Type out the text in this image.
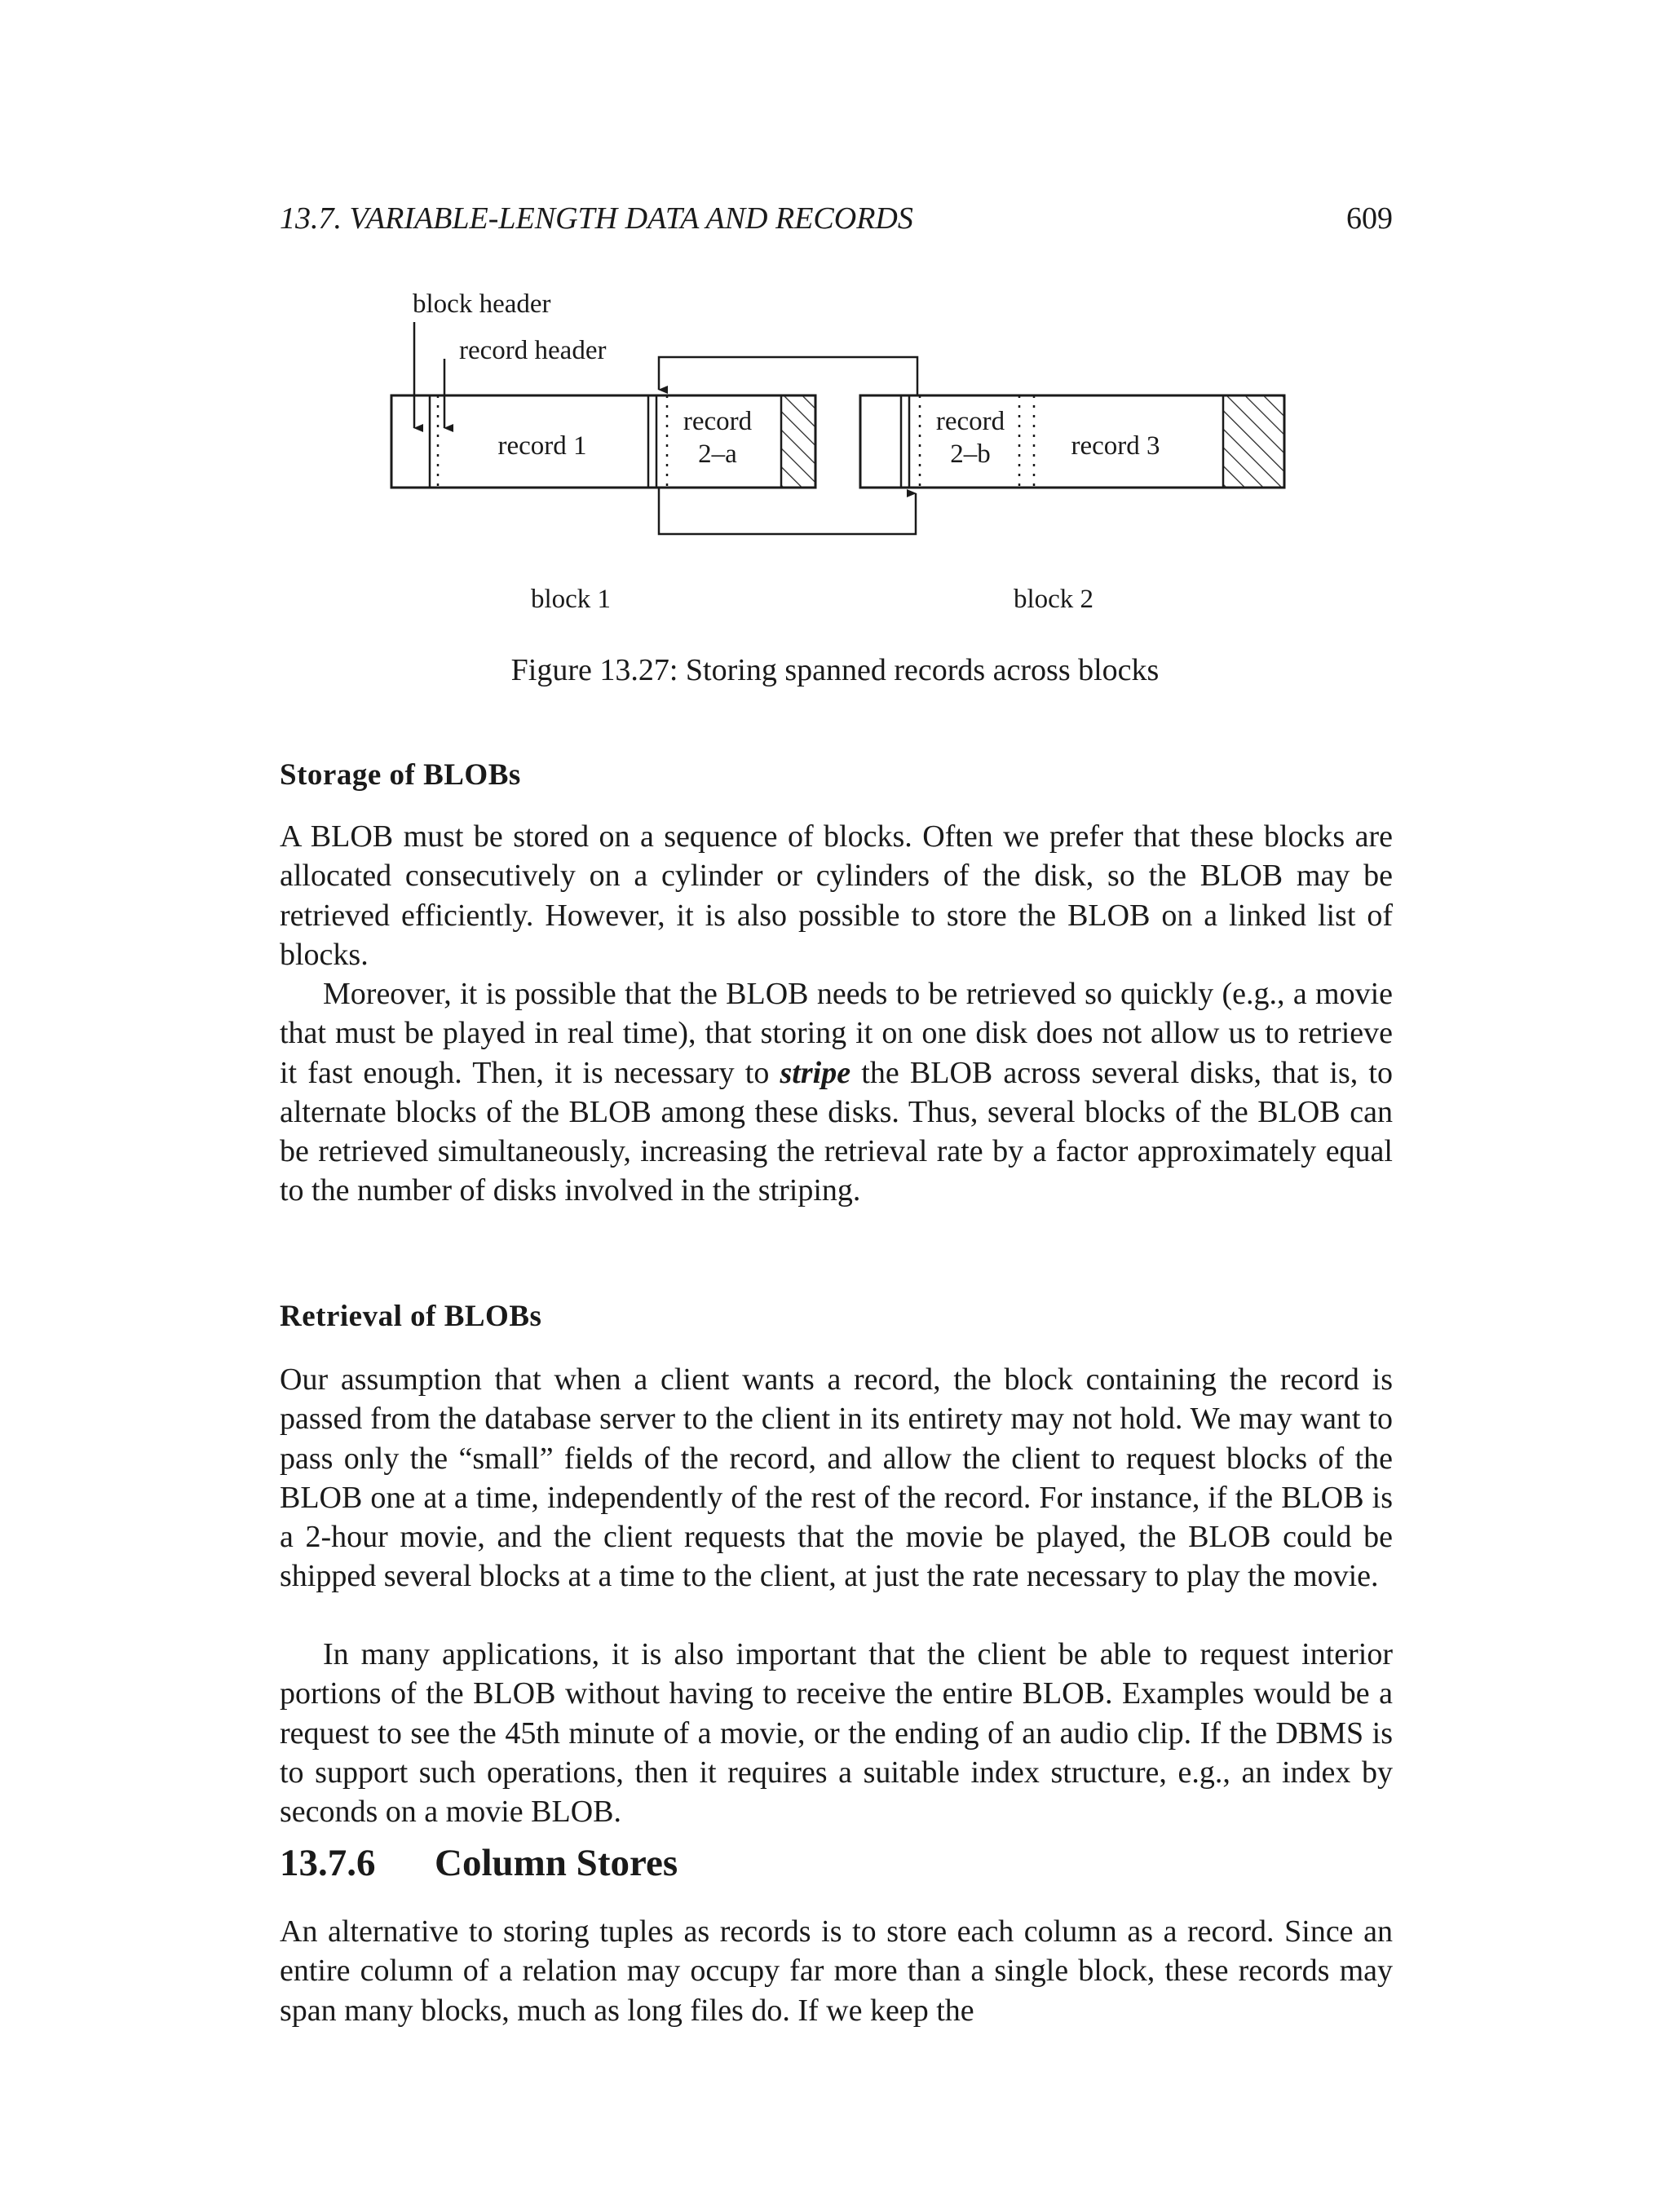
13.7. VARIABLE-LENGTH DATA AND RECORDS	609
block header
record header
record 1
record
2–a
record
2–b	record 3
block 1	block 2
Figure 13.27: Storing spanned records across blocks
Storage of BLOBs

A BLOB must be stored on a sequence of blocks. Often we prefer that these blocks are allocated consecutively on a cylinder or cylinders of the disk, so the BLOB may be retrieved efficiently. However, it is also possible to store the BLOB on a linked list of blocks.

Moreover, it is possible that the BLOB needs to be retrieved so quickly (e.g., a movie that must be played in real time), that storing it on one disk does not allow us to retrieve it fast enough. Then, it is necessary to stripe the BLOB across several disks, that is, to alternate blocks of the BLOB among these disks. Thus, several blocks of the BLOB can be retrieved simultaneously, increasing the retrieval rate by a factor approximately equal to the number of disks involved in the striping.

Retrieval of BLOBs

Our assumption that when a client wants a record, the block containing the record is passed from the database server to the client in its entirety may not hold. We may want to pass only the “small” fields of the record, and allow the client to request blocks of the BLOB one at a time, independently of the rest of the record. For instance, if the BLOB is a 2-hour movie, and the client requests that the movie be played, the BLOB could be shipped several blocks at a time to the client, at just the rate necessary to play the movie.

In many applications, it is also important that the client be able to request interior portions of the BLOB without having to receive the entire BLOB. Examples would be a request to see the 45th minute of a movie, or the ending of an audio clip. If the DBMS is to support such operations, then it requires a suitable index structure, e.g., an index by seconds on a movie BLOB.

13.7.6 Column Stores

An alternative to storing tuples as records is to store each column as a record. Since an entire column of a relation may occupy far more than a single block, these records may span many blocks, much as long files do. If we keep the
